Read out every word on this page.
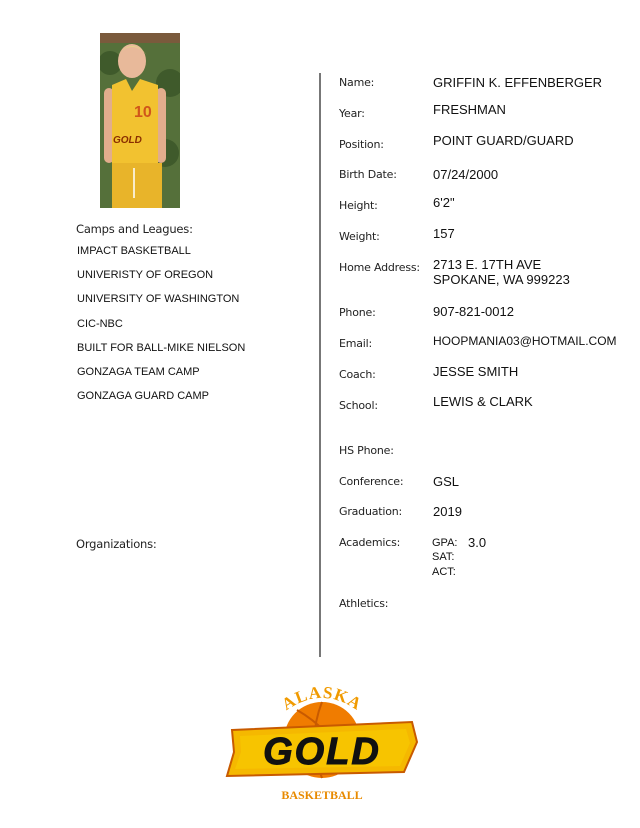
10
GOLD
Camps and Leagues:
IMPACT BASKETBALL
UNIVERISTY OF OREGON
UNIVERSITY OF WASHINGTON
CIC-NBC
BUILT FOR BALL-MIKE NIELSON
GONZAGA TEAM CAMP
GONZAGA GUARD CAMP
Organizations:
Name:	GRIFFIN K. EFFENBERGER
Year:	FRESHMAN
Position:	POINT GUARD/GUARD
Birth Date:	07/24/2000
Height:	6'2"
Weight:	157
Home Address: 2713 E. 17TH AVE
SPOKANE, WA 999223
Phone:	907-821-0012
Email:	HOOPMANIA03@HOTMAIL.COM
Coach:	JESSE SMITH
School:	LEWIS & CLARK
HS Phone:
Conference: GSL
Graduation: 2019
Academics:	GPA: 3.0
SAT:
ACT:
Athletics:
ALASKA
GOLD
BASKETBALL
